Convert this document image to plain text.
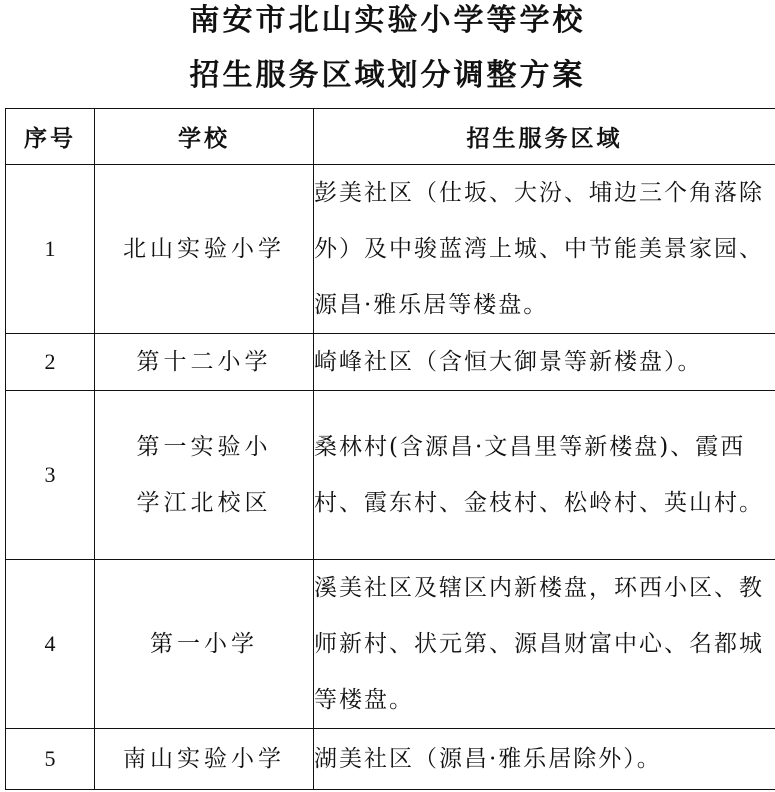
南安市北山实验小学等学校
招生服务区域划分调整方案
序号	学校	招生服务区域
1	北山实验小学	彭美社区（仕坂、大汾、埔边三个角落除外）及中骏蓝湾上城、中节能美景家园、源昌·雅乐居等楼盘。
2	第十二小学	崎峰社区（含恒大御景等新楼盘）。
3	第一实验小学江北校区	桑林村(含源昌·文昌里等新楼盘)、霞西村、霞东村、金枝村、松岭村、英山村。
4	第一小学	溪美社区及辖区内新楼盘，环西小区、教师新村、状元第、源昌财富中心、名都城等楼盘。
5	南山实验小学	湖美社区（源昌·雅乐居除外）。
